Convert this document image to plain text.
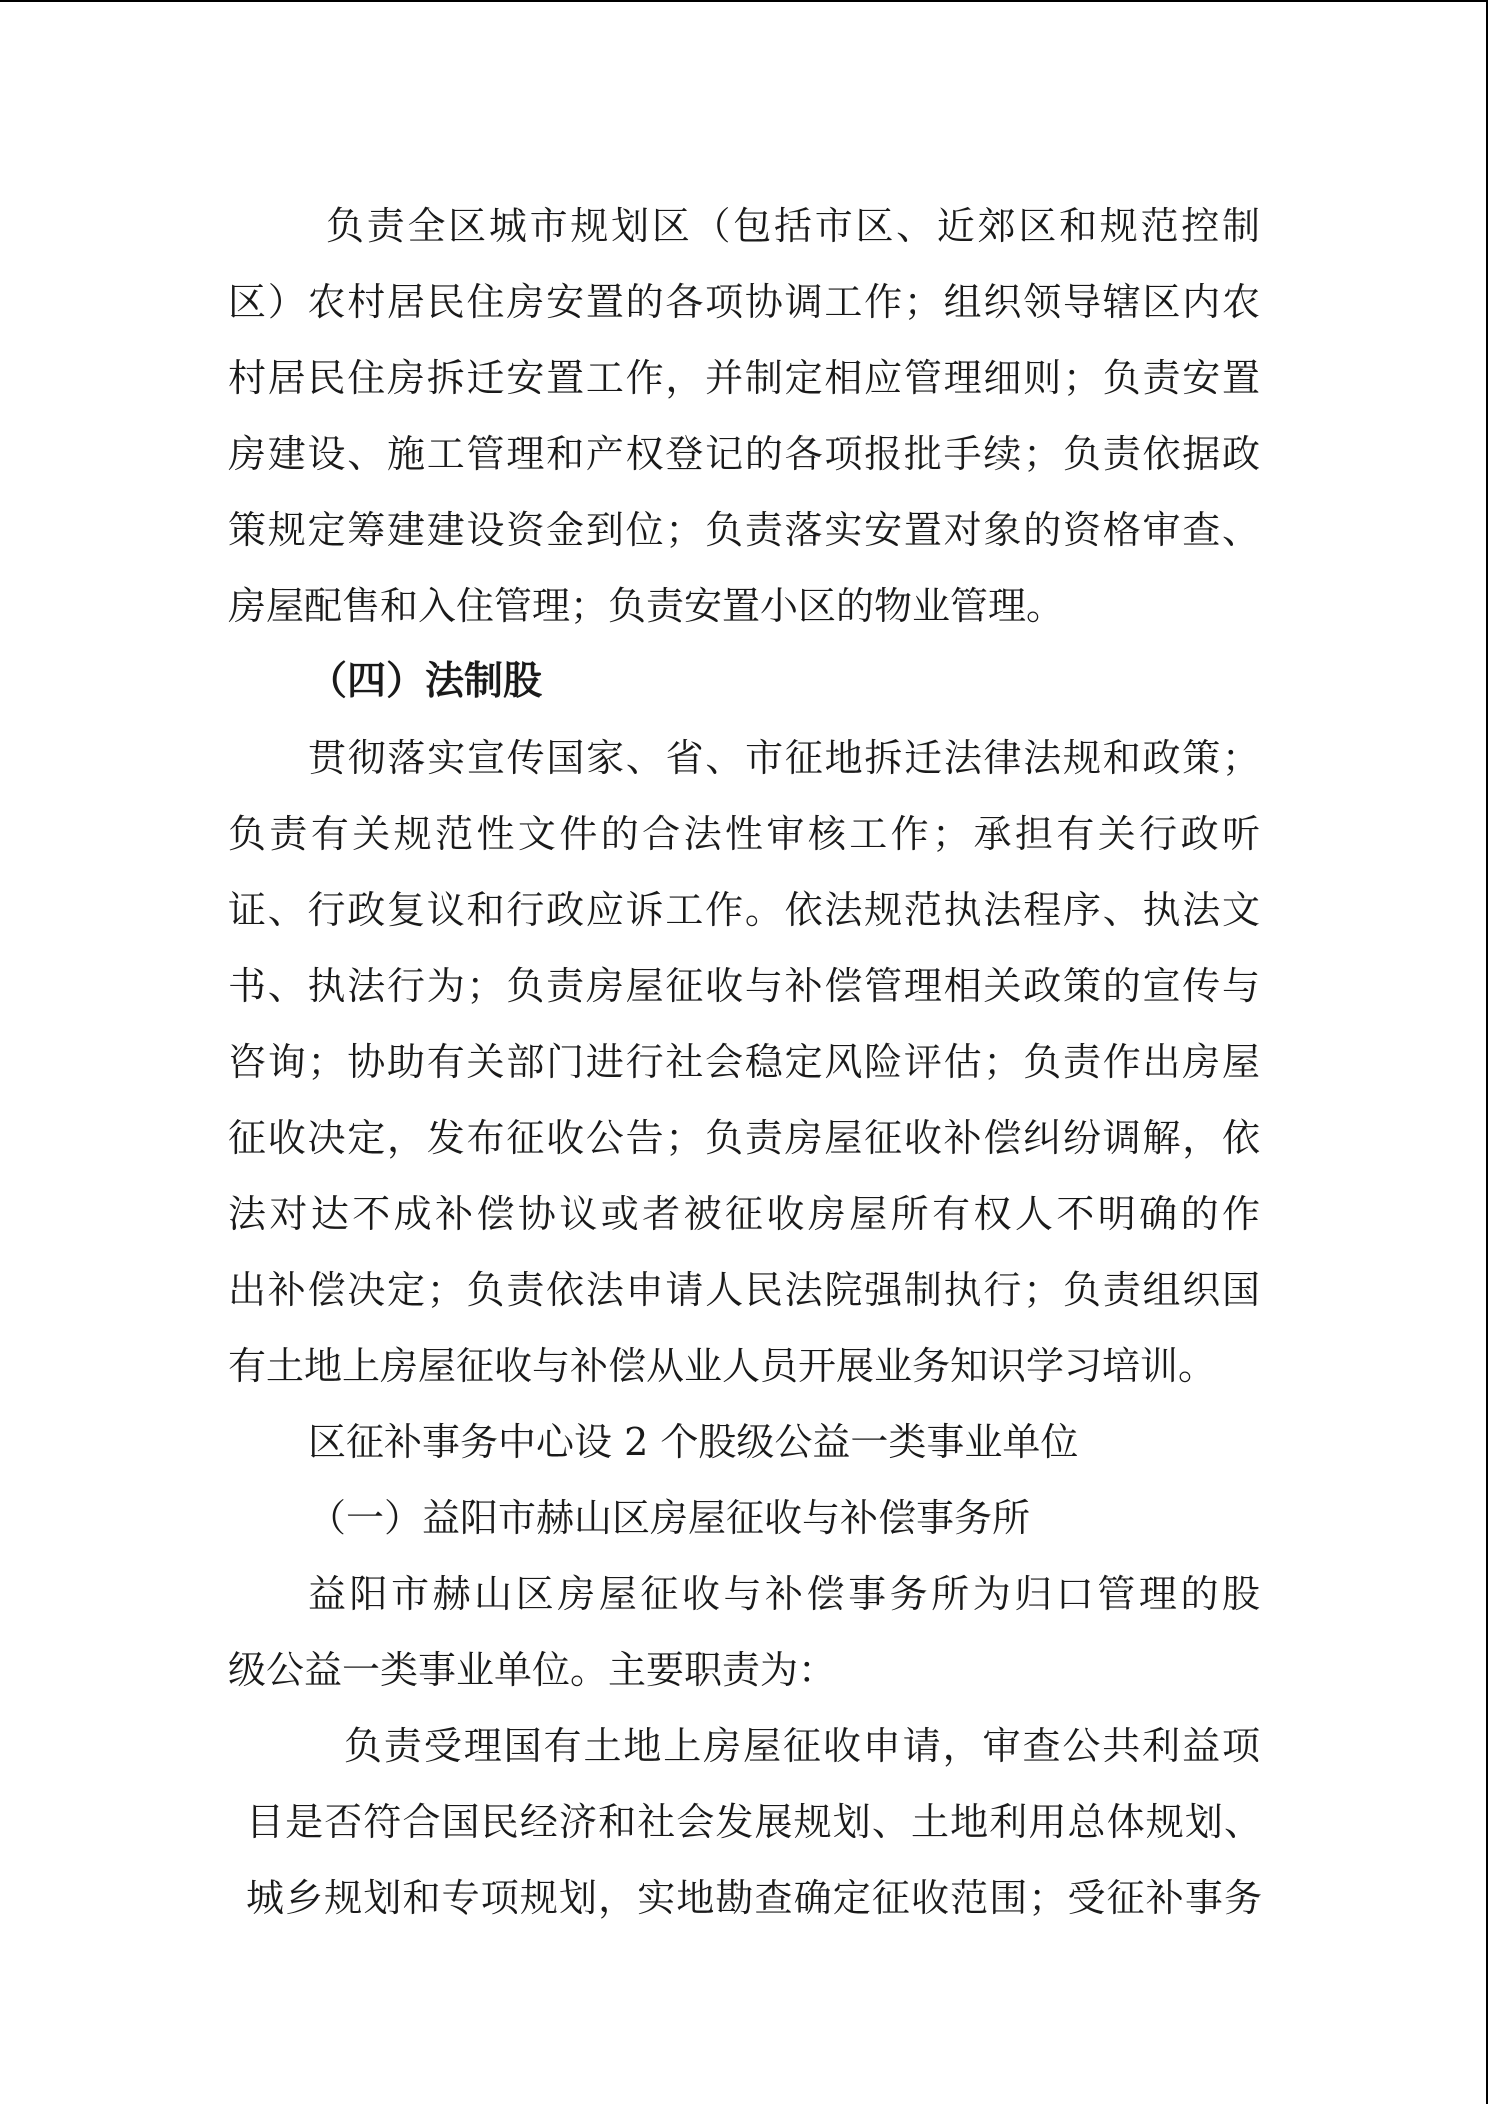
负责全区城市规划区（包括市区、近郊区和规范控制

区）农村居民住房安置的各项协调工作；组织领导辖区内农

村居民住房拆迁安置工作，并制定相应管理细则；负责安置

房建设、施工管理和产权登记的各项报批手续；负责依据政

策规定筹建建设资金到位；负责落实安置对象的资格审查、

房屋配售和入住管理；负责安置小区的物业管理。

（四）法制股

贯彻落实宣传国家、省、市征地拆迁法律法规和政策；

负责有关规范性文件的合法性审核工作；承担有关行政听

证、行政复议和行政应诉工作。依法规范执法程序、执法文

书、执法行为；负责房屋征收与补偿管理相关政策的宣传与

咨询；协助有关部门进行社会稳定风险评估；负责作出房屋

征收决定，发布征收公告；负责房屋征收补偿纠纷调解，依

法对达不成补偿协议或者被征收房屋所有权人不明确的作

出补偿决定；负责依法申请人民法院强制执行；负责组织国

有土地上房屋征收与补偿从业人员开展业务知识学习培训。

区征补事务中心设 2 个股级公益一类事业单位

（一）益阳市赫山区房屋征收与补偿事务所

益阳市赫山区房屋征收与补偿事务所为归口管理的股

级公益一类事业单位。主要职责为：

负责受理国有土地上房屋征收申请，审查公共利益项

目是否符合国民经济和社会发展规划、土地利用总体规划、

城乡规划和专项规划，实地勘查确定征收范围；受征补事务
